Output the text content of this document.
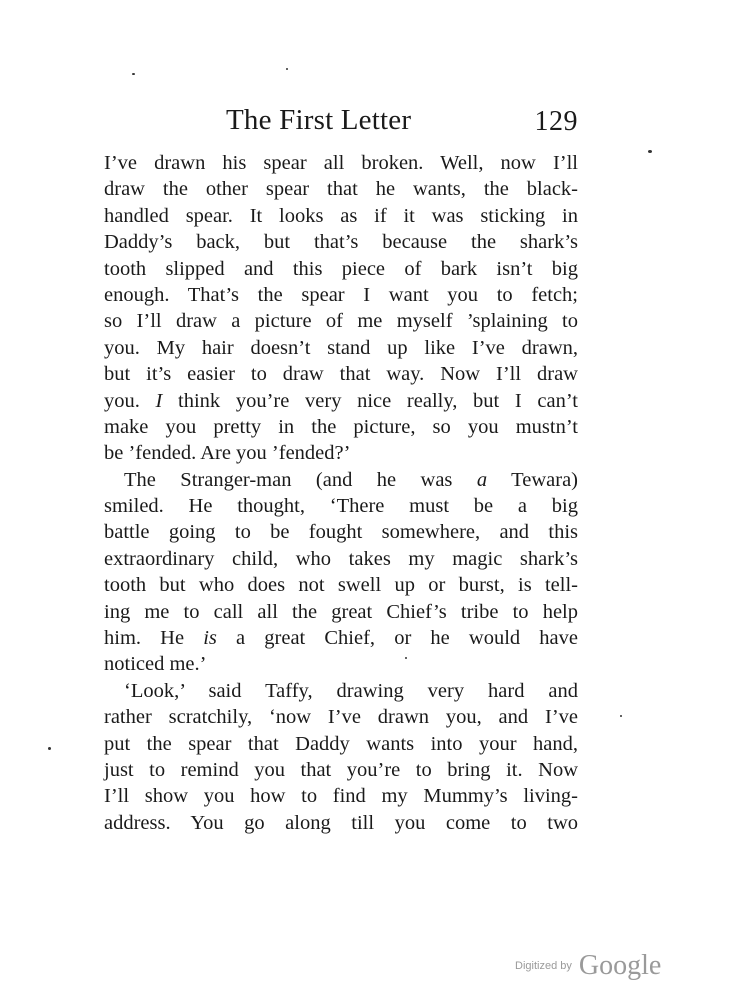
The First Letter	129
I’ve drawn his spear all broken. Well, now I’ll
draw the other spear that he wants, the black-
handled spear. It looks as if it was sticking in
Daddy’s back, but that’s because the shark’s
tooth slipped and this piece of bark isn’t big
enough. That’s the spear I want you to fetch;
so I’ll draw a picture of me myself ’splaining to
you. My hair doesn’t stand up like I’ve drawn,
but it’s easier to draw that way. Now I’ll draw
you. I think you’re very nice really, but I can’t
make you pretty in the picture, so you mustn’t
be ’fended. Are you ’fended?’
The Stranger-man (and he was a Tewara)
smiled. He thought, ‘There must be a big
battle going to be fought somewhere, and this
extraordinary child, who takes my magic shark’s
tooth but who does not swell up or burst, is tell-
ing me to call all the great Chief’s tribe to help
him. He is a great Chief, or he would have
noticed me.’
‘Look,’ said Taffy, drawing very hard and
rather scratchily, ‘now I’ve drawn you, and I’ve
put the spear that Daddy wants into your hand,
just to remind you that you’re to bring it. Now
I’ll show you how to find my Mummy’s living-
address. You go along till you come to two
Digitized by Google
